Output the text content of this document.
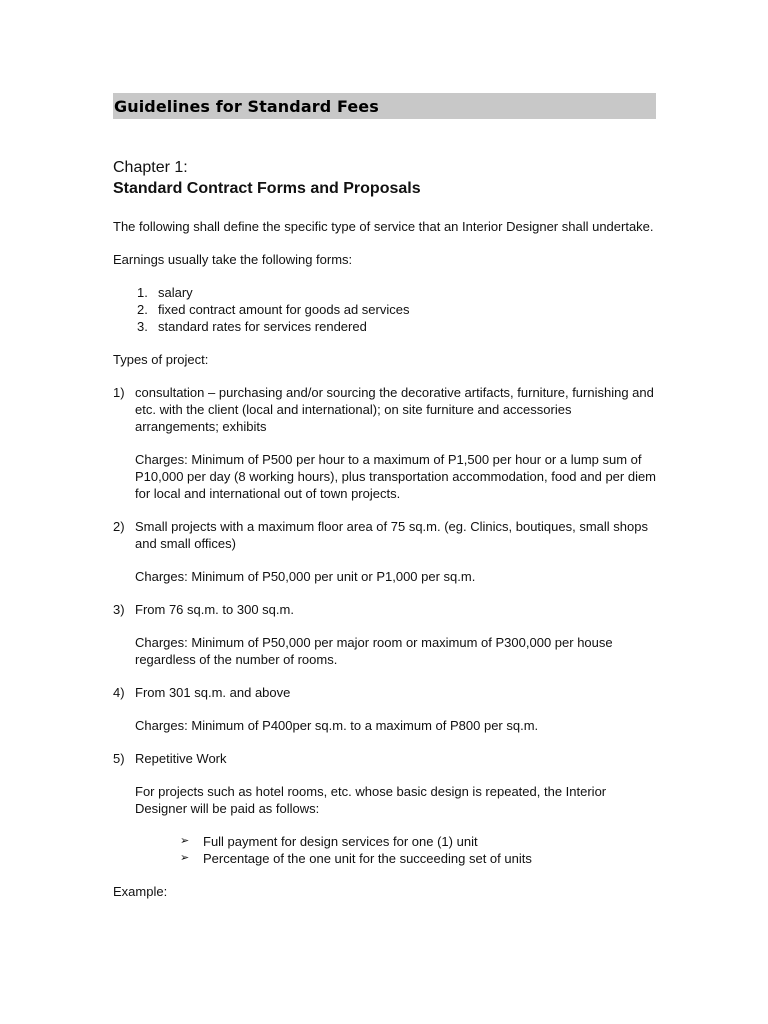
Guidelines for Standard Fees

Chapter 1:

Standard Contract Forms and Proposals

The following shall define the specific type of service that an Interior Designer shall undertake.

Earnings usually take the following forms:

1. salary
2. fixed contract amount for goods ad services
3. standard rates for services rendered

Types of project:

1) consultation – purchasing and/or sourcing the decorative artifacts, furniture, furnishing and etc. with the client (local and international); on site furniture and accessories arrangements; exhibits

Charges: Minimum of P500 per hour to a maximum of P1,500 per hour or a lump sum of P10,000 per day (8 working hours), plus transportation accommodation, food and per diem for local and international out of town projects.

2) Small projects with a maximum floor area of 75 sq.m. (eg. Clinics, boutiques, small shops and small offices)

Charges: Minimum of P50,000 per unit or P1,000 per sq.m.

3) From 76 sq.m. to 300 sq.m.

Charges: Minimum of P50,000 per major room or maximum of P300,000 per house regardless of the number of rooms.

4) From 301 sq.m. and above

Charges: Minimum of P400per sq.m. to a maximum of P800 per sq.m.

5) Repetitive Work

For projects such as hotel rooms, etc. whose basic design is repeated, the Interior Designer will be paid as follows:

➢ Full payment for design services for one (1) unit
➢ Percentage of the one unit for the succeeding set of units

Example:
